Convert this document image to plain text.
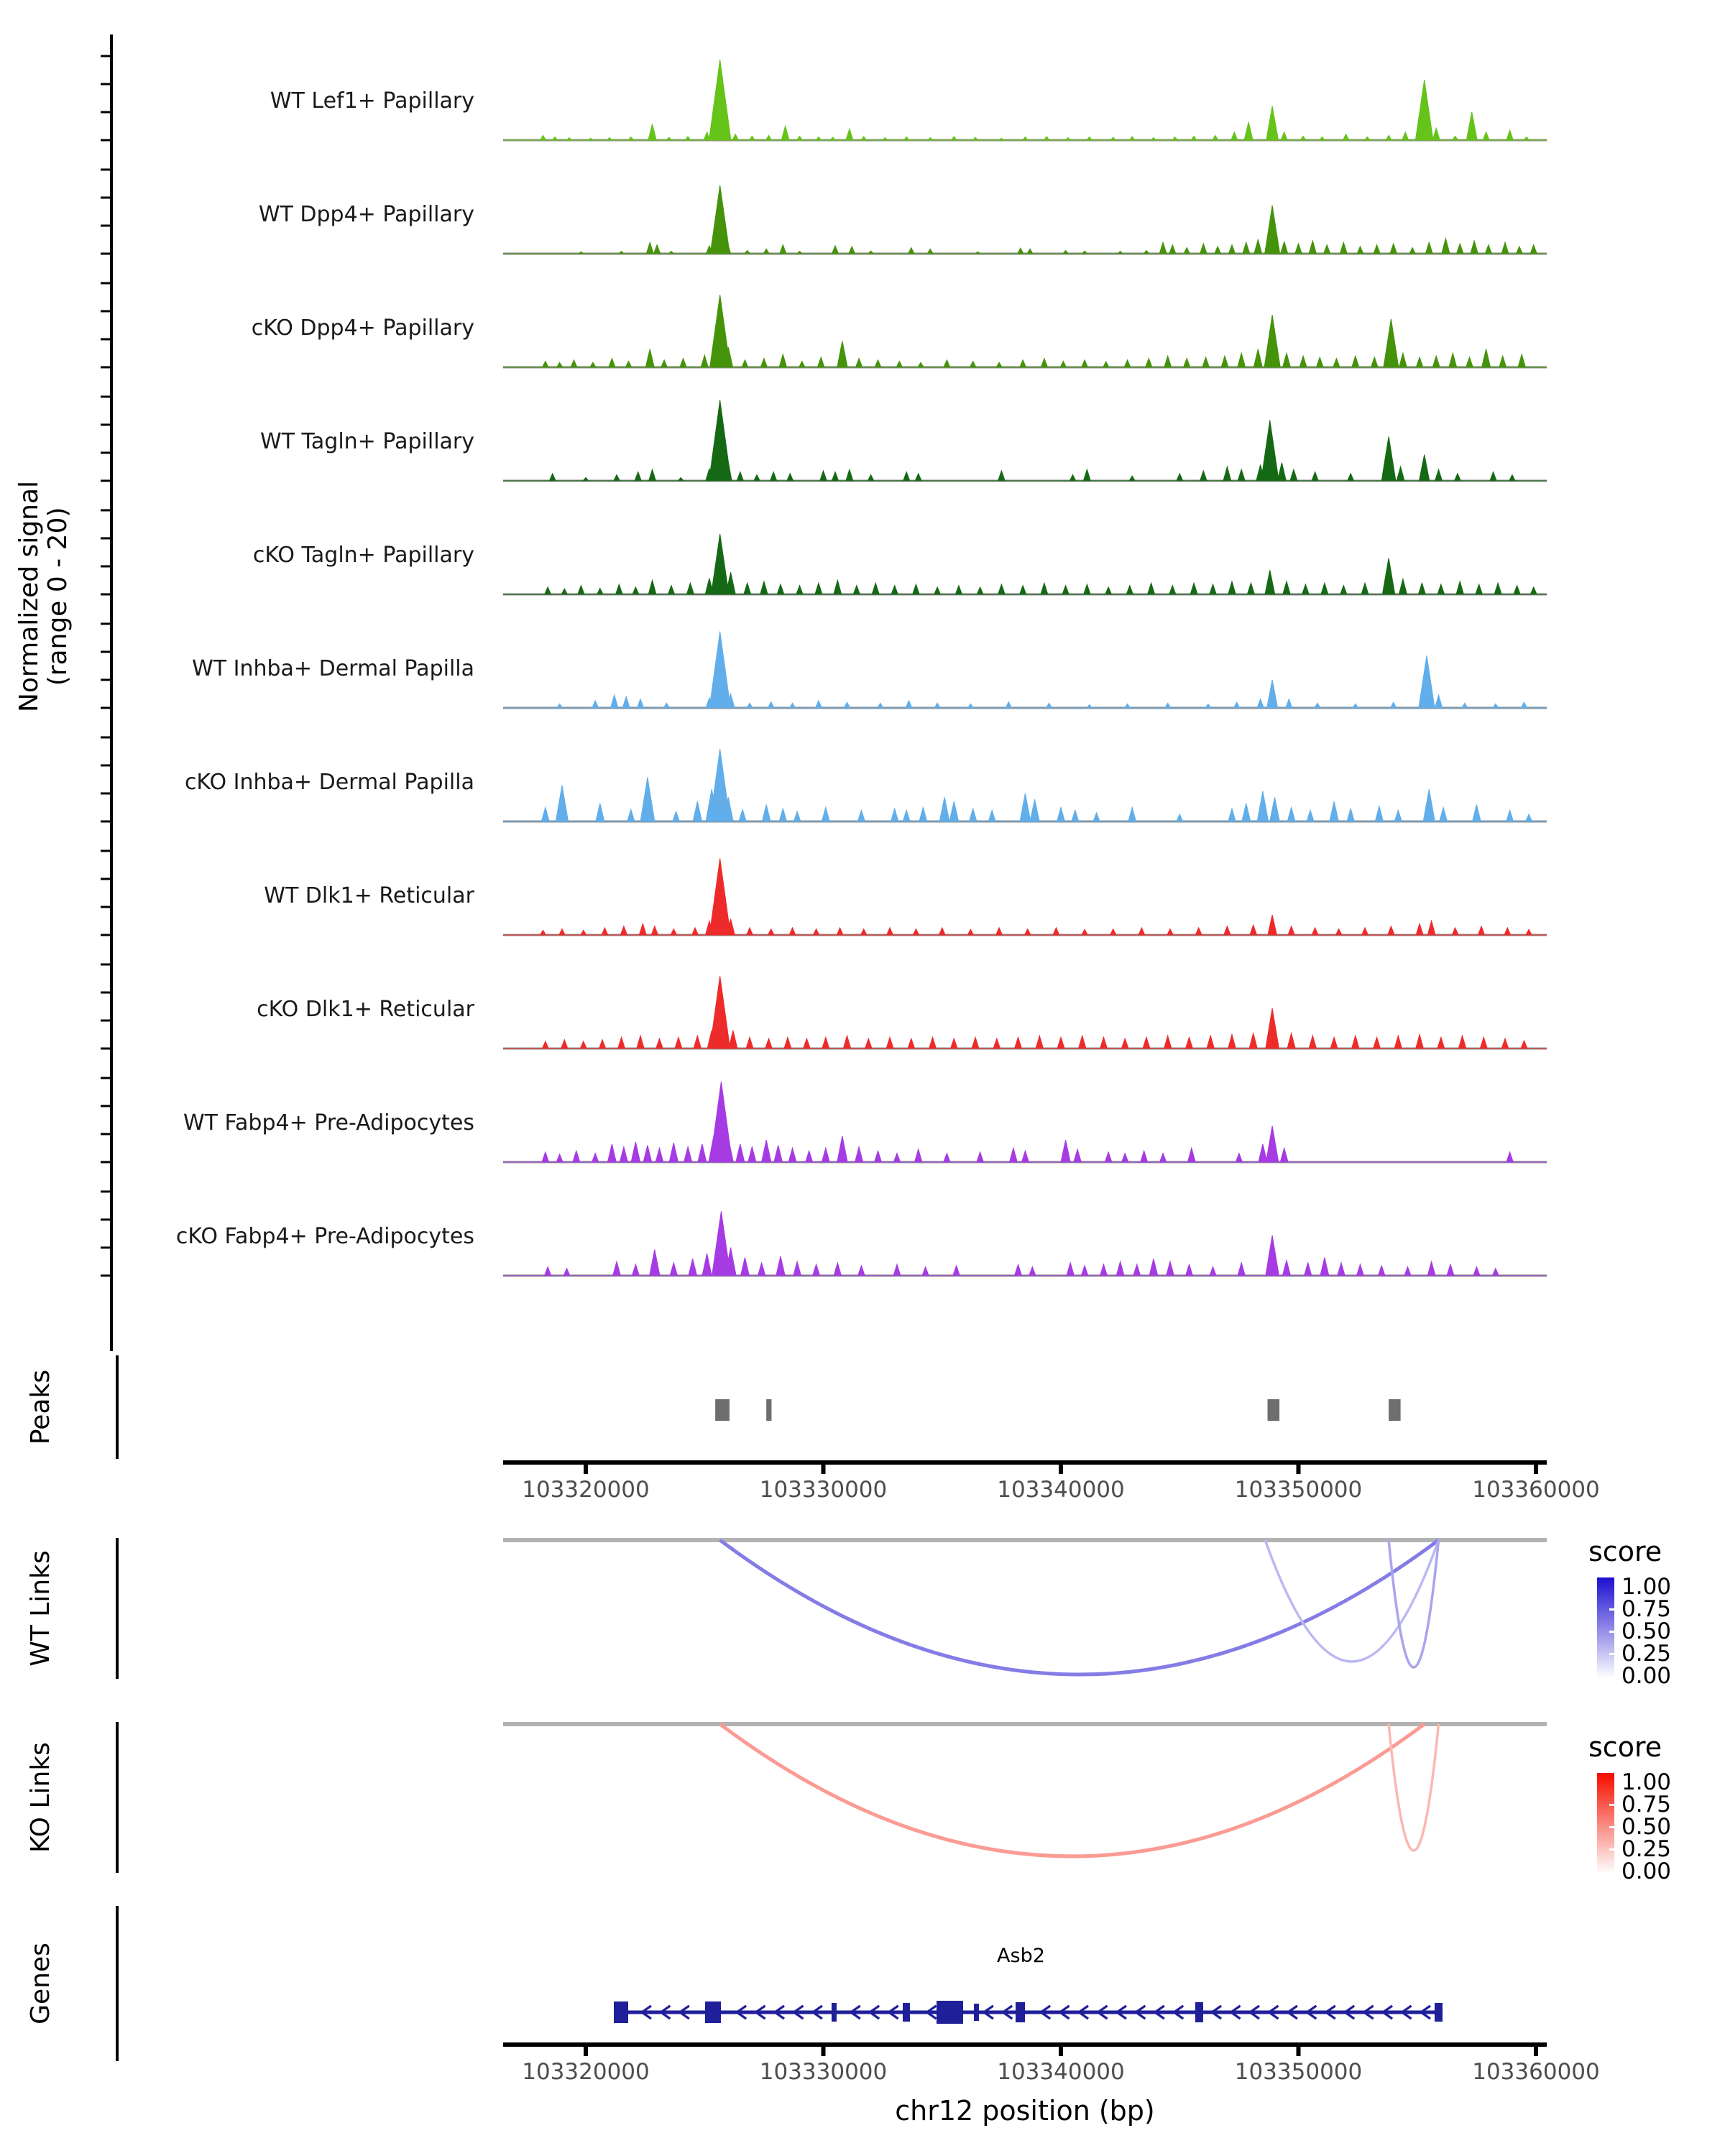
WT Lef1+ Papillary
WT Dpp4+ Papillary
cKO Dpp4+ Papillary
WT Tagln+ Papillary
cKO Tagln+ Papillary
WT Inhba+ Dermal Papilla
cKO Inhba+ Dermal Papilla
WT Dlk1+ Reticular
cKO Dlk1+ Reticular
WT Fabp4+ Pre-Adipocytes
cKO Fabp4+ Pre-Adipocytes
Normalized signal (range 0 - 20)
Peaks
103320000	103330000	103340000	103350000	103360000
WT Links	score
1.00
0.75
0.50
0.25
0.00
KO Links	score
1.00
0.75
0.50
0.25
0.00
Asb2
Genes
103320000	103330000	103340000	103350000	103360000
chr12 position (bp)
